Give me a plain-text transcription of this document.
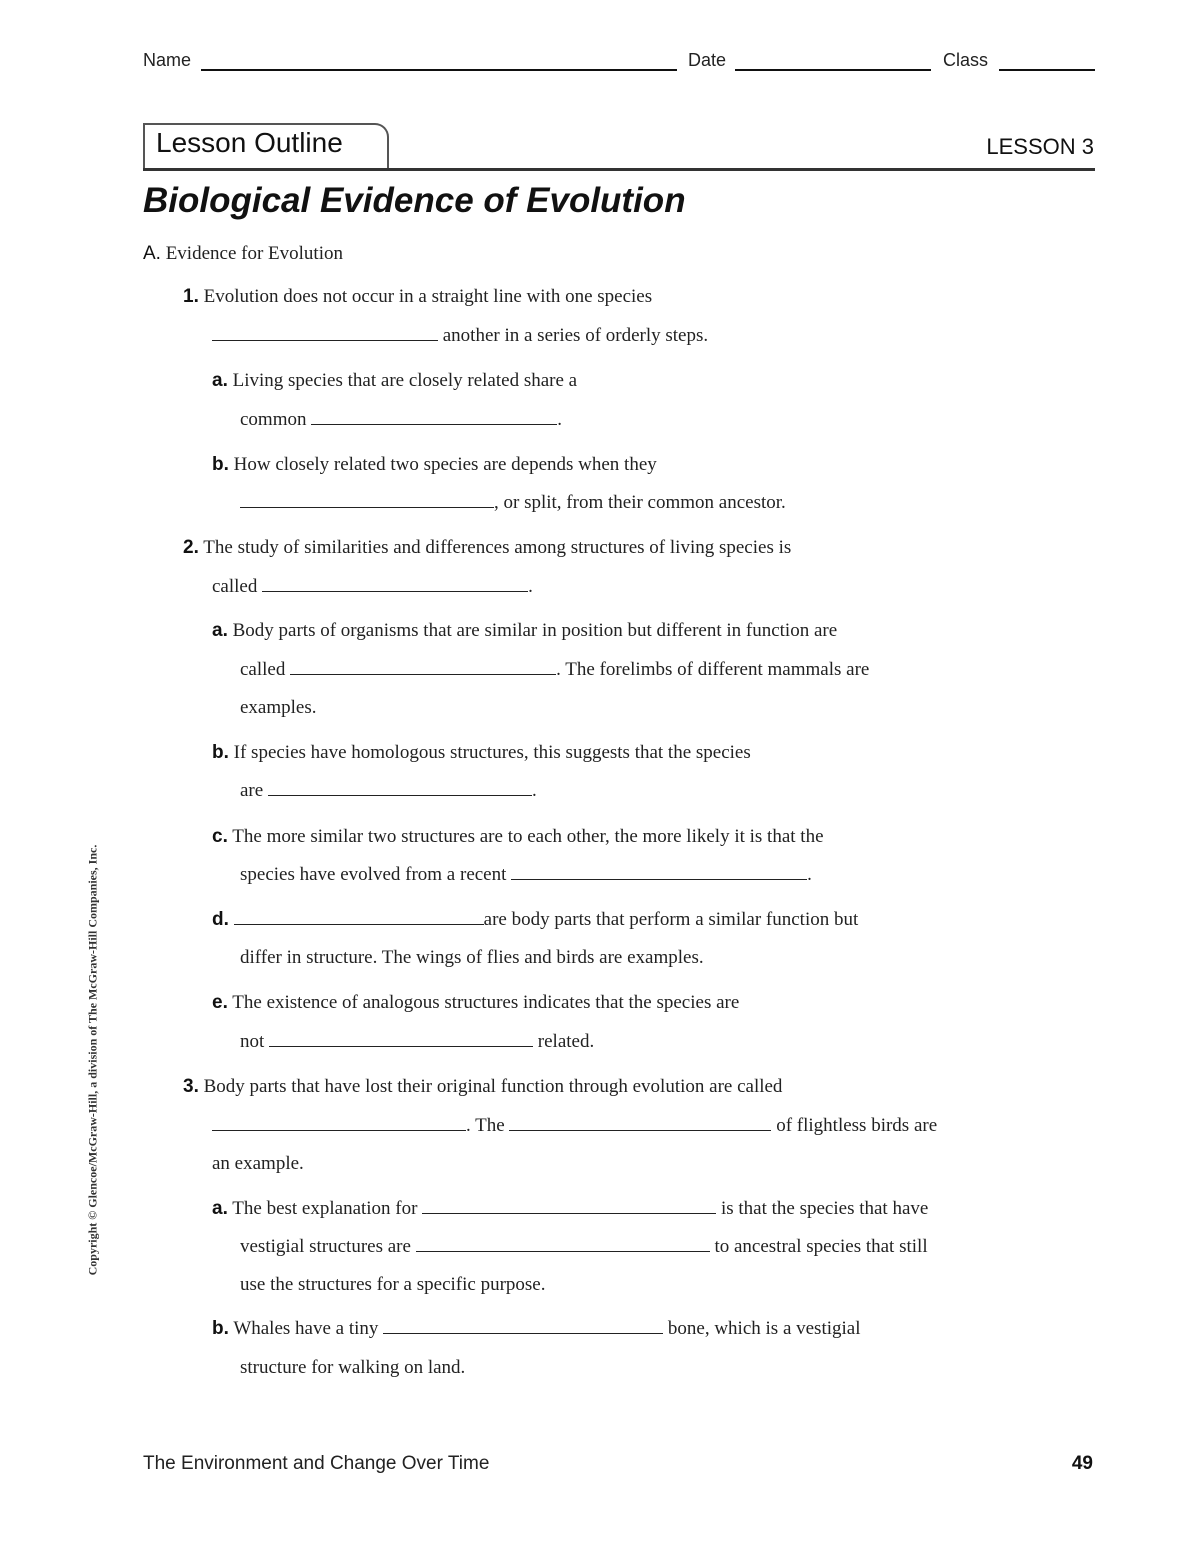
Name	Date	Class
Lesson Outline	LESSON 3
Biological Evidence of Evolution
A. Evidence for Evolution
1. Evolution does not occur in a straight line with one species
another in a series of orderly steps.
a. Living species that are closely related share a
common	.
b. How closely related two species are depends when they
, or split, from their common ancestor.
2. The study of similarities and differences among structures of living species is
called	.
a. Body parts of organisms that are similar in position but different in function are
called	. The forelimbs of different mammals are
examples.
b. If species have homologous structures, this suggests that the species
are	.
c. The more similar two structures are to each other, the more likely it is that the
species have evolved from a recent	.
d.	are body parts that perform a similar function but
differ in structure. The wings of flies and birds are examples.
e. The existence of analogous structures indicates that the species are
not	related.
3. Body parts that have lost their original function through evolution are called
. The	of flightless birds are
an example.
a. The best explanation for	is that the species that have
vestigial structures are	to ancestral species that still
use the structures for a specific purpose.
b. Whales have a tiny	bone, which is a vestigial
structure for walking on land.
Copyright © Glencoe/McGraw-Hill, a division of The McGraw-Hill Companies, Inc.
The Environment and Change Over Time	49
